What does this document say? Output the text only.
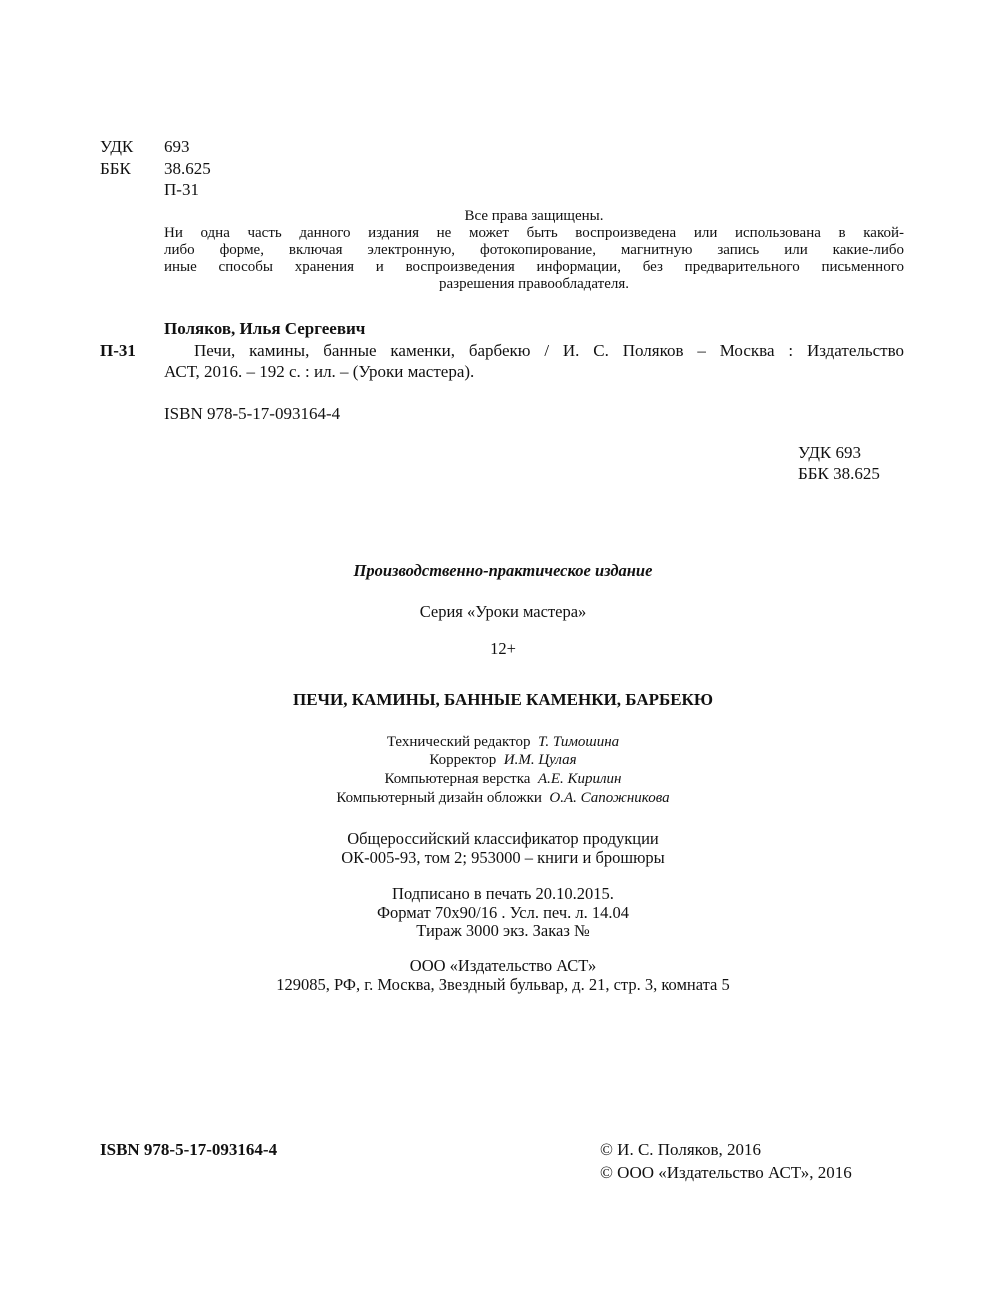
УДК	693
ББК	38.625
П-31
Все права защищены.
Ни одна часть данного издания не может быть воспроизведена или использована в какой-
либо форме, включая электронную, фотокопирование, магнитную запись или какие-либо
иные способы хранения и воспроизведения информации, без предварительного письменного
разрешения правообладателя.
Поляков, Илья Сергеевич
П-31	Печи, камины, банные каменки, барбекю / И. С. Поляков – Москва : Издательство
АСТ, 2016. – 192 с. : ил. – (Уроки мастера).
ISBN 978-5-17-093164-4
УДК 693
ББК 38.625
Производственно-практическое издание
Серия «Уроки мастера»
12+
ПЕЧИ, КАМИНЫ, БАННЫЕ КАМЕНКИ, БАРБЕКЮ
Технический редактор Т. Тимошина
Корректор И.М. Цулая
Компьютерная верстка А.Е. Кирилин
Компьютерный дизайн обложки О.А. Сапожникова
Общероссийский классификатор продукции
ОК-005-93, том 2; 953000 – книги и брошюры
Подписано в печать 20.10.2015.
Формат 70x90/16 . Усл. печ. л. 14.04
Тираж 3000 экз. Заказ №
ООО «Издательство АСТ»
129085, РФ, г. Москва, Звездный бульвар, д. 21, стр. 3, комната 5
ISBN 978-5-17-093164-4	© И. С. Поляков, 2016
© ООО «Издательство АСТ», 2016
